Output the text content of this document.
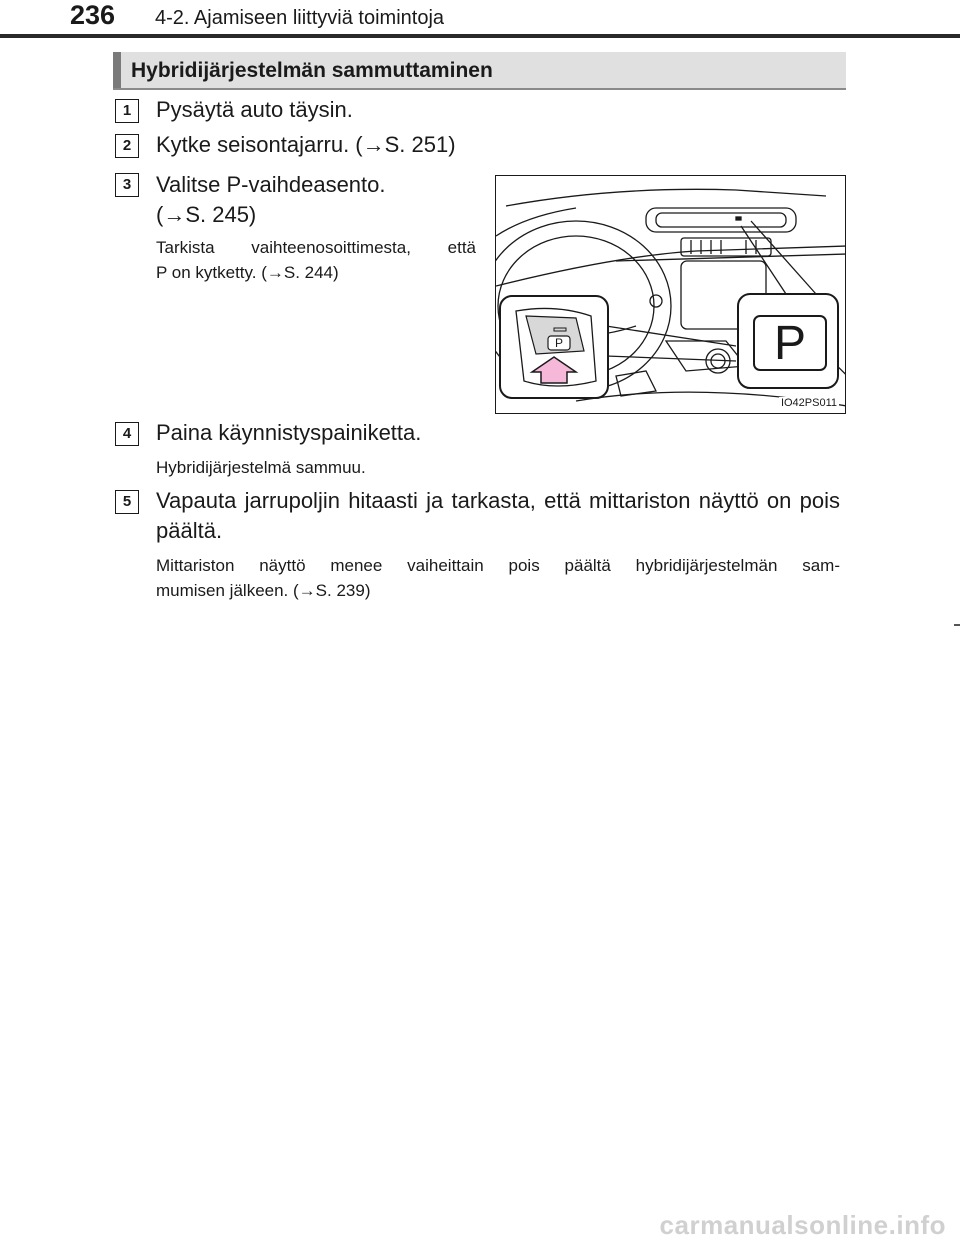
236 4-2. Ajamiseen liittyviä toimintoja
Hybridijärjestelmän sammuttaminen
1	Pysäytä auto täysin.
2	Kytke seisontajarru. (→S. 251)
3	Valitse P-vaihdeasento.
(→S. 245)
Tarkista vaihteenosoittimesta, että
P on kytketty. (→S. 244)
P	P
IO42PS011
4	Paina käynnistyspainiketta.
Hybridijärjestelmä sammuu.
5	Vapauta jarrupoljin hitaasti ja tarkasta, että mittariston näyttö on pois
päältä.
Mittariston näyttö menee vaiheittain pois päältä hybridijärjestelmän sam-
mumisen jälkeen. (→S. 239)
carmanualsonline.info
